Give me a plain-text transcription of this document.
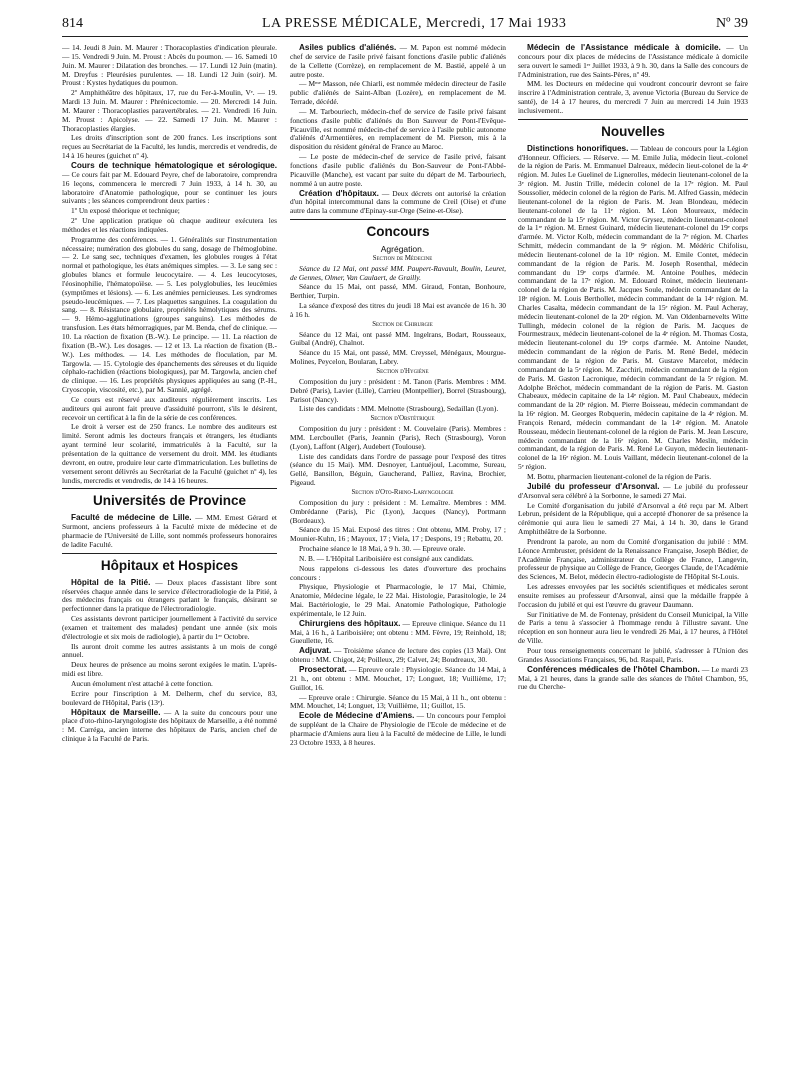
814	LA PRESSE MÉDICALE, Mercredi, 17 Mai 1933	Nº 39

— 14. Jeudi 8 Juin. M. Maurer : Thoracoplasties d'indication pleurale. — 15. Vendredi 9 Juin. M. Proust : Abcès du poumon. — 16. Samedi 10 Juin. M. Maurer : Dilatation des bronches. — 17. Lundi 12 Juin (matin). M. Dreyfus : Pleurésies purulentes. — 18. Lundi 12 Juin (soir). M. Proust : Kystes hydatiques du poumon.

2º Amphithéâtre des hôpitaux, 17, rue du Fer-à-Moulin, Vᵉ. — 19. Mardi 13 Juin. M. Maurer : Phrénicectomie. — 20. Mercredi 14 Juin. M. Maurer : Thoracoplasties paravertébrales. — 21. Vendredi 16 Juin. M. Proust : Apicolyse. — 22. Samedi 17 Juin. M. Maurer : Thoracoplasties élargies.

Les droits d'inscription sont de 200 francs. Les inscriptions sont reçues au Secrétariat de la Faculté, les lundis, mercredis et vendredis, de 14 à 16 heures (guichet nº 4).

Cours de technique hématologique et sérologique. — Ce cours fait par M. Edouard Peyre, chef de laboratoire, comprendra 16 leçons, commencera le mercredi 7 Juin 1933, à 14 h. 30, au laboratoire d'Anatomie pathologique, pour se continuer les jours suivants ; les séances comprendront deux parties :

1º Un exposé théorique et technique;

2º Une application pratique où chaque auditeur exécutera les méthodes et les réactions indiquées.

Programme des conférences. — 1. Généralités sur l'instrumentation nécessaire; numération des globules du sang, dosage de l'hémoglobine. — 2. Le sang sec, techniques d'examen, les globules rouges à l'état normal et pathologique, les états anémiques simples. — 3. Le sang sec : globules blancs et formule leucocytaire. — 4. Les leucocytoses, l'éosinophilie, l'hématopoïèse. — 5. Les polyglobulies, les leucémies (symptômes et lésions). — 6. Les anémies pernicieuses. Les syndromes pseudo-leucémiques. — 7. Les plaquettes sanguines. La coagulation du sang. — 8. Résistance globulaire, propriétés hémolytiques des sérums. — 9. Hémo-agglutinations (groupes sanguins). Les méthodes de transfusion. Les états hémorragiques, par M. Benda, chef de clinique. — 10. La réaction de fixation (B.-W.). Le principe. — 11. La réaction de fixation (B.-W.). Les dosages. — 12 et 13. La réaction de fixation (B.-W.). Les méthodes. — 14. Les méthodes de floculation, par M. Targowla. — 15. Cytologie des épanchements des séreuses et du liquide céphalo-rachidien (réactions biologiques), par M. Targowla, ancien chef de clinique. — 16. Les propriétés physiques appliquées au sang (P.-H., Cryoscopie, viscosité, etc.), par M. Sannié, agrégé.

Ce cours est réservé aux auditeurs régulièrement inscrits. Les auditeurs qui auront fait preuve d'assiduité pourront, s'ils le désirent, recevoir un certificat à la fin de la série de ces conférences.

Le droit à verser est de 250 francs. Le nombre des auditeurs est limité. Seront admis les docteurs français et étrangers, les étudiants ayant terminé leur scolarité, immatriculés à la Faculté, sur la présentation de la quittance de versement du droit. MM. les étudiants devront, en outre, produire leur carte d'immatriculation. Les bulletins de versement seront délivrés au Secrétariat de la Faculté (guichet nº 4), les lundis, mercredis et vendredis, de 14 à 16 heures.

Universités de Province

Faculté de médecine de Lille. — MM. Ernest Gérard et Surmont, anciens professeurs à la Faculté mixte de médecine et de pharmacie de l'Université de Lille, sont nommés professeurs honoraires de ladite Faculté.

Hôpitaux et Hospices

Hôpital de la Pitié. — Deux places d'assistant libre sont réservées chaque année dans le service d'électroradiologie de la Pitié, à des médecins français ou étrangers parlant le français, désirant se perfectionner dans la pratique de l'électroradiologie.

Ces assistants devront participer journellement à l'activité du service (examen et traitement des malades) pendant une année (six mois d'électrologie et six mois de radiologie), à partir du 1ᵉʳ Octobre.

Ils auront droit comme les autres assistants à un mois de congé annuel.

Deux heures de présence au moins seront exigées le matin. L'après-midi est libre.

Aucun émolument n'est attaché à cette fonction.

Ecrire pour l'inscription à M. Delherm, chef du service, 83, boulevard de l'Hôpital, Paris (13ᵉ).

Hôpitaux de Marseille. — A la suite du concours pour une place d'oto-rhino-laryngologiste des hôpitaux de Marseille, a été nommé : M. Carréga, ancien interne des hôpitaux de Paris, ancien chef de clinique à la Faculté de Paris.

Asiles publics d'aliénés. — M. Papon est nommé médecin chef de service de l'asile privé faisant fonctions d'asile public d'aliénés de la Cellette (Corrèze), en remplacement de M. Bastié, appelé à un autre poste.

— Mᵐᵉ Masson, née Chiarli, est nommée médecin directeur de l'asile public d'aliénés de Saint-Alban (Lozère), en remplacement de M. Terrade, décédé.

— M. Tarbouriech, médecin-chef de service de l'asile privé faisant fonctions d'asile public d'aliénés du Bon Sauveur de Pont-l'Evêque-Picauville, est nommé médecin-chef de service à l'asile public autonome d'aliénés d'Armentières, en remplacement de M. Pierson, mis à la disposition du résident général de France au Maroc.

— Le poste de médecin-chef de service de l'asile privé, faisant fonctions d'asile public d'aliénés du Bon-Sauveur de Pont-l'Abbé-Picauville (Manche), est vacant par suite du départ de M. Tarbouriech, nommé à un autre poste.

Création d'hôpitaux. — Deux décrets ont autorisé la création d'un hôpital intercommunal dans la commune de Creil (Oise) et d'une autre dans la commune d'Epinay-sur-Orge (Seine-et-Oise).

Concours

Agrégation.

Section de Médecine

Séance du 12 Mai, ont passé MM. Paupert-Ravault, Boulin, Leuret, de Gennes, Olmer, Van Caulaert, de Grailly.

Séance du 15 Mai, ont passé, MM. Giraud, Fontan, Bonhoure, Berthier, Turpin.

La séance d'exposé des titres du jeudi 18 Mai est avancée de 16 h. 30 à 16 h.

Section de Chirurgie

Séance du 12 Mai, ont passé MM. Ingelrans, Bodart, Rousseaux, Guibal (André), Chalnot.

Séance du 15 Mai, ont passé, MM. Creyssel, Ménégaux, Mourgue-Molines, Peycelon, Boularan, Labry.

Section d'Hygiène

Composition du jury : président : M. Tanon (Paris. Membres : MM. Debré (Paris), Lavier (Lille), Carrieu (Montpellier), Borrel (Strasbourg), Parisot (Nancy).

Liste des candidats : MM. Melnotte (Strasbourg), Sedaillan (Lyon).

Section d'Obstétrique

Composition du jury : président : M. Couvelaire (Paris). Membres : MM. Lercboullet (Paris, Jeannin (Paris), Rech (Strasbourg), Voron (Lyon), Laffont (Alger), Audebert (Toulouse).

Liste des candidats dans l'ordre de passage pour l'exposé des titres (séance du 15 Mai). MM. Desnoyer, Lantuéjoul, Lacomme, Sureau, Gellé, Bansillon, Béguin, Gaucherand, Palliez, Ravina, Brochier, Pigeaud.

Section d'Oto-Rhino-Laryngologie

Composition du jury : président : M. Lemaître. Membres : MM. Ombrédanne (Paris), Pic (Lyon), Jacques (Nancy), Portmann (Bordeaux).

Séance du 15 Mai. Exposé des titres : Ont obtenu, MM. Proby, 17 ; Mounier-Kuhn, 16 ; Mayoux, 17 ; Viela, 17 ; Despons, 19 ; Rebattu, 20.

Prochaine séance le 18 Mai, à 9 h. 30. — Epreuve orale.

N. B. — L'Hôpital Lariboisière est consigné aux candidats.

Nous rappelons ci-dessous les dates d'ouverture des prochains concours :

Physique, Physiologie et Pharmacologie, le 17 Mai, Chimie, Anatomie, Médecine légale, le 22 Mai. Histologie, Parasitologie, le 24 Mai. Bactériologie, le 29 Mai. Anatomie Pathologique, Pathologie expérimentale, le 12 Juin.

Chirurgiens des hôpitaux. — Epreuve clinique. Séance du 11 Mai, à 16 h., à Lariboisière; ont obtenu : MM. Fèvre, 19; Reinhold, 18; Gueullette, 16.

Adjuvat. — Troisième séance de lecture des copies (13 Mai). Ont obtenu : MM. Chigot, 24; Poilleux, 29; Calvet, 24; Boudreaux, 30.

Prosectorat. — Epreuve orale : Physiologie. Séance du 14 Mai, à 21 h., ont obtenu : MM. Mouchet, 17; Longuet, 18; Vuillième, 17; Guillot, 16.

— Epreuve orale : Chirurgie. Séance du 15 Mai, à 11 h., ont obtenu : MM. Mouchet, 14; Longuet, 13; Vuillième, 11; Guillot, 15.

Ecole de Médecine d'Amiens. — Un concours pour l'emploi de suppléant de la Chaire de Physiologie de l'Ecole de médecine et de pharmacie d'Amiens aura lieu à la Faculté de médecine de Lille, le lundi 23 Octobre 1933, à 8 heures.

Médecin de l'Assistance médicale à domicile. — Un concours pour dix places de médecins de l'Assistance médicale à domicile sera ouvert le samedi 1ᵉʳ Juillet 1933, à 9 h. 30, dans la Salle des concours de l'Administration, rue des Saints-Pères, nº 49.

MM. les Docteurs en médecine qui voudront concourir devront se faire inscrire à l'Administration centrale, 3, avenue Victoria (Bureau du Service de santé), de 14 à 17 heures, du mercredi 7 Juin au mercredi 14 Juin 1933 inclusivement..

Nouvelles

Distinctions honorifiques. — Tableau de concours pour la Légion d'Honneur. Officiers. — Réserve. — M. Emile Julia, médecin lieut.-colonel de la région de Paris. M. Emmanuel Dalreaux, médecin lieut-colonel de la 4ᵉ région. M. Jules Le Guelinel de Lignerolles, médecin lieutenant-colonel de la 3ᵉ région. M. Justin Trille, médecin colonel de la 17ᵉ région. M. Paul Soussolier, médecin colonel de la région de Paris. M. Alfred Gassin, médecin lieutenant-colonel de la région de Paris. M. Jean Blondeau, médecin lieutenant-colonel de la 11ᵉ région. M. Léon Moureaux, médecin commandant de la 15ᵉ région. M. Victor Grysez, médecin lieutenant-colonel de la 1ʳᵉ région. M. Ernest Guinard, médecin lieutenant-colonel du 19ᵉ corps d'armée. M. Victor Kolb, médecin commandant de la 7ᵉ région. M. Charles Schmitt, médecin commandant de la 9ᵉ région. M. Médéric Chifolisu, médecin lieutenant-colonel de la 10ᵉ région. M. Emile Contet, médecin commandant de la région de Paris. M. Joseph Rosenthal, médecin commandant du 19ᵉ corps d'armée. M. Antoine Poulhes, médecin commandant de la 17ᵉ région. M. Edouard Roinet, médecin lieutenant-colonel de la région de Paris. M. Jacques Soule, médecin commandant de la 18ᵉ région. M. Louis Berthollet, médecin commandant de la 14ᵉ région. M. Charles Casalta, médecin commandant de la 15ᵉ région. M. Paul Acheray, médecin lieutenant-colonel de la 20ᵉ région. M. Van Oldenbarnevelts Witte Tullingh, médecin colonel de la région de Paris. M. Jacques de Fourmestraux, médecin lieutenant-colonel de la 4ᵉ région. M. Thomas Costa, médecin lieutenant-colonel du 19ᵉ corps d'armée. M. Antoine Naudet, médecin commandant de la région de Paris. M. René Bedel, médecin commandant de la région de Paris. M. Gustave Marcelot, médecin commandant de la 5ᵉ région. M. Zacchiri, médecin commandant de la région de Paris. M. Gaston Lacronique, médecin commandant de la 5ᵉ région. M. Adolphe Bréchot, médecin commandant de la région de Paris. M. Gaston Chabeaux, médecin capitaine de la 14ᵉ région. M. Paul Chabeaux, médecin commandant de la 20ᵉ région. M. Pierre Boisseau, médecin commandant de la 16ᵉ région. M. Georges Robquerin, médecin capitaine de la 4ᵉ région. M. François Renard, médecin commandant de la 14ᵉ région. M. Anatole Rousseau, médecin lieutenant-colonel de la région de Paris. M. Jean Lescure, médecin commandant de la 16ᵉ région. M. Charles Meslin, médecin commandant, de la région de Paris. M. René Le Guyon, médecin lieutenant-colonel de la 16ᵉ région. M. Louis Vaillant, médecin lieutenant-colonel de la 5ᵉ région.

M. Bottu, pharmacien lieutenant-colonel de la région de Paris.

Jubilé du professeur d'Arsonval. — Le jubilé du professeur d'Arsonval sera célébré à la Sorbonne, le samedi 27 Mai.

Le Comité d'organisation du jubilé d'Arsonval a été reçu par M. Albert Lebrun, président de la République, qui a accepté d'honorer de sa présence la cérémonie qui aura lieu le samedi 27 Mai, à 14 h. 30, dans le Grand Amphithéâtre de la Sorbonne.

Prendront la parole, au nom du Comité d'organisation du jubilé : MM. Léonce Armbruster, président de la Renaissance Française, Joseph Bédier, de l'Académie Française, administrateur du Collège de France, Langevin, professeur de physique au Collège de France, Georges Claude, de l'Académie des Sciences, M. Belot, médecin électro-radiologiste de l'Hôpital St-Louis.

Les adresses envoyées par les sociétés scientifiques et médicales seront ensuite remises au professeur d'Arsonval, ainsi que la médaille frappée à l'occasion du jubilé et qui est l'œuvre du graveur Daumann.

Sur l'initiative de M. de Fontenay, président du Conseil Municipal, la Ville de Paris a tenu à s'associer à l'hommage rendu à l'illustre savant. Une réception en son honneur aura lieu le vendredi 26 Mai, à 17 heures, à l'Hôtel de Ville.

Pour tous renseignements concernant le jubilé, s'adresser à l'Union des Grandes Associations Françaises, 96, bd. Raspail, Paris.

Conférences médicales de l'hôtel Chambon. — Le mardi 23 Mai, à 21 heures, dans la grande salle des séances de l'hôtel Chambon, 95, rue du Cherche-
